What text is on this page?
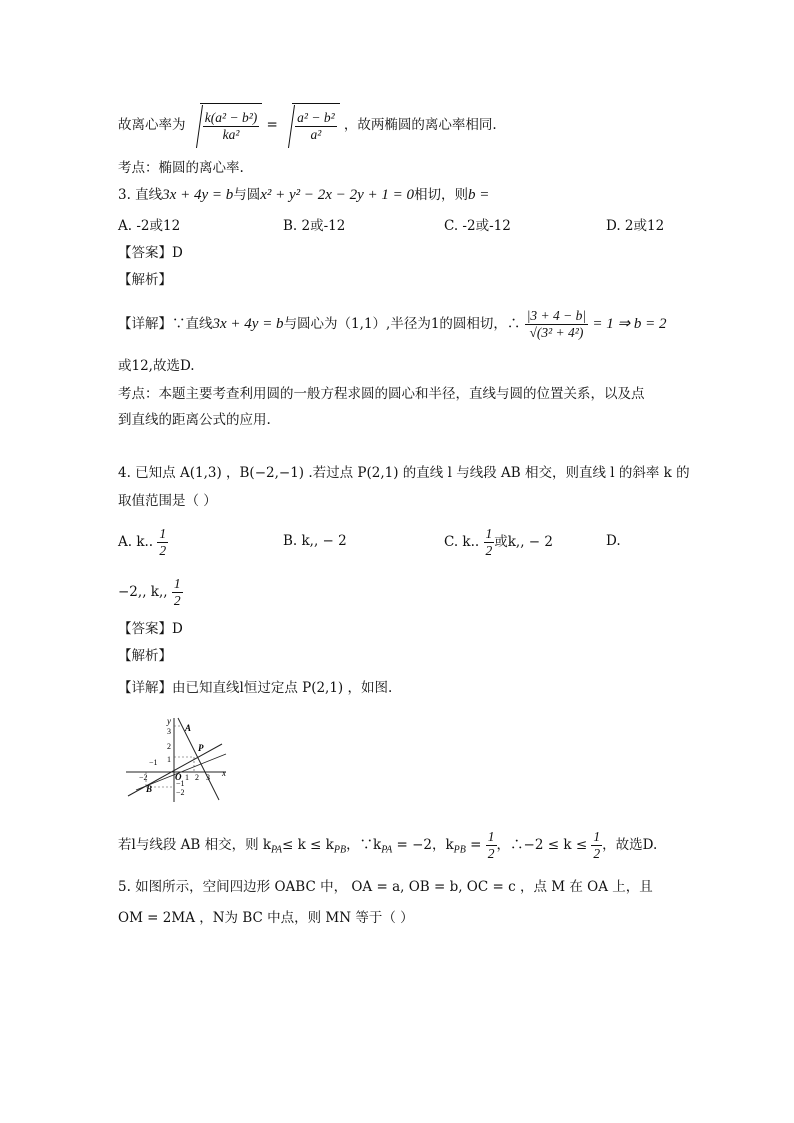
故离心率为 $\frac{\text{k(a² − b²)}}{\text{ka²}} = \frac{\text{a² − b²}}{\text{a²}}$ ，故两椭圆的离心率相同.
考点：椭圆的离心率.
3. 直线3x + 4y = b与圆x² + y² − 2x − 2y + 1 = 0相切，则b =
A. -2或12	B. 2或-12	C. -2或-12	D. 2或12
【答案】D
【解析】
【详解】∵直线3x + 4y = b与圆心为（1,1）,半径为1的圆相切，∴ $\frac{|3 + 4 - b|}{\text{√(3² + 4²)}} = 1$ ⇒ b = 2
或12,故选D.
考点：本题主要考查利用圆的一般方程求圆的圆心和半径，直线与圆的位置关系，以及点
到直线的距离公式的应用.
4. 已知点 A(1,3) ，B(−2,−1) .若过点 P(2,1) 的直线 l 与线段 AB 相交，则直线 l 的斜率 k 的
取值范围是（ ）
A. k.. $\frac{1}{2}$	B. k,, − 2	C. k.. $\frac{1}{2}$ 或k,, − 2	D.
−2,, k,, $\frac{1}{2}$
【答案】D
【解析】
【详解】由已知直线l恒过定点 P(2,1) ，如图.
y
x
A
P
B
O
3
2
1
−1
−2
−2
−1
1 2 3
若l与线段 AB 相交，则 $k_{PA}\le k \le k_{PB}$，$\because k_{PA} = -2$，$k_{PB} = \frac{1}{2}$ ，∴−2 ≤ $k \le \frac{1}{2}$ ，故选D.
5. 如图所示，空间四边形 OABC 中， OA = a, OB = b, OC = c ，点 M 在 OA 上，且
OM = 2MA ，N为 BC 中点，则 MN 等于（ ）
